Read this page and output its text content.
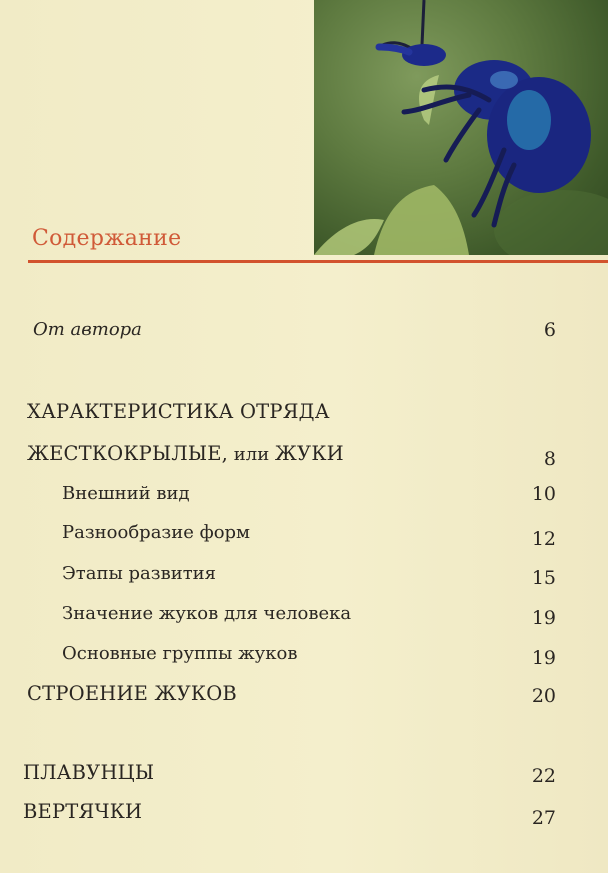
Содержание
От автора	6
ХАРАКТЕРИСТИКА ОТРЯДА
ЖЕСТКОКРЫЛЫЕ, или ЖУКИ	8
Внешний вид	10
Разнообразие форм	12
Этапы развития	15
Значение жуков для человека	19
Основные группы жуков	19
СТРОЕНИЕ ЖУКОВ	20
ПЛАВУНЦЫ	22
ВЕРТЯЧКИ	27
